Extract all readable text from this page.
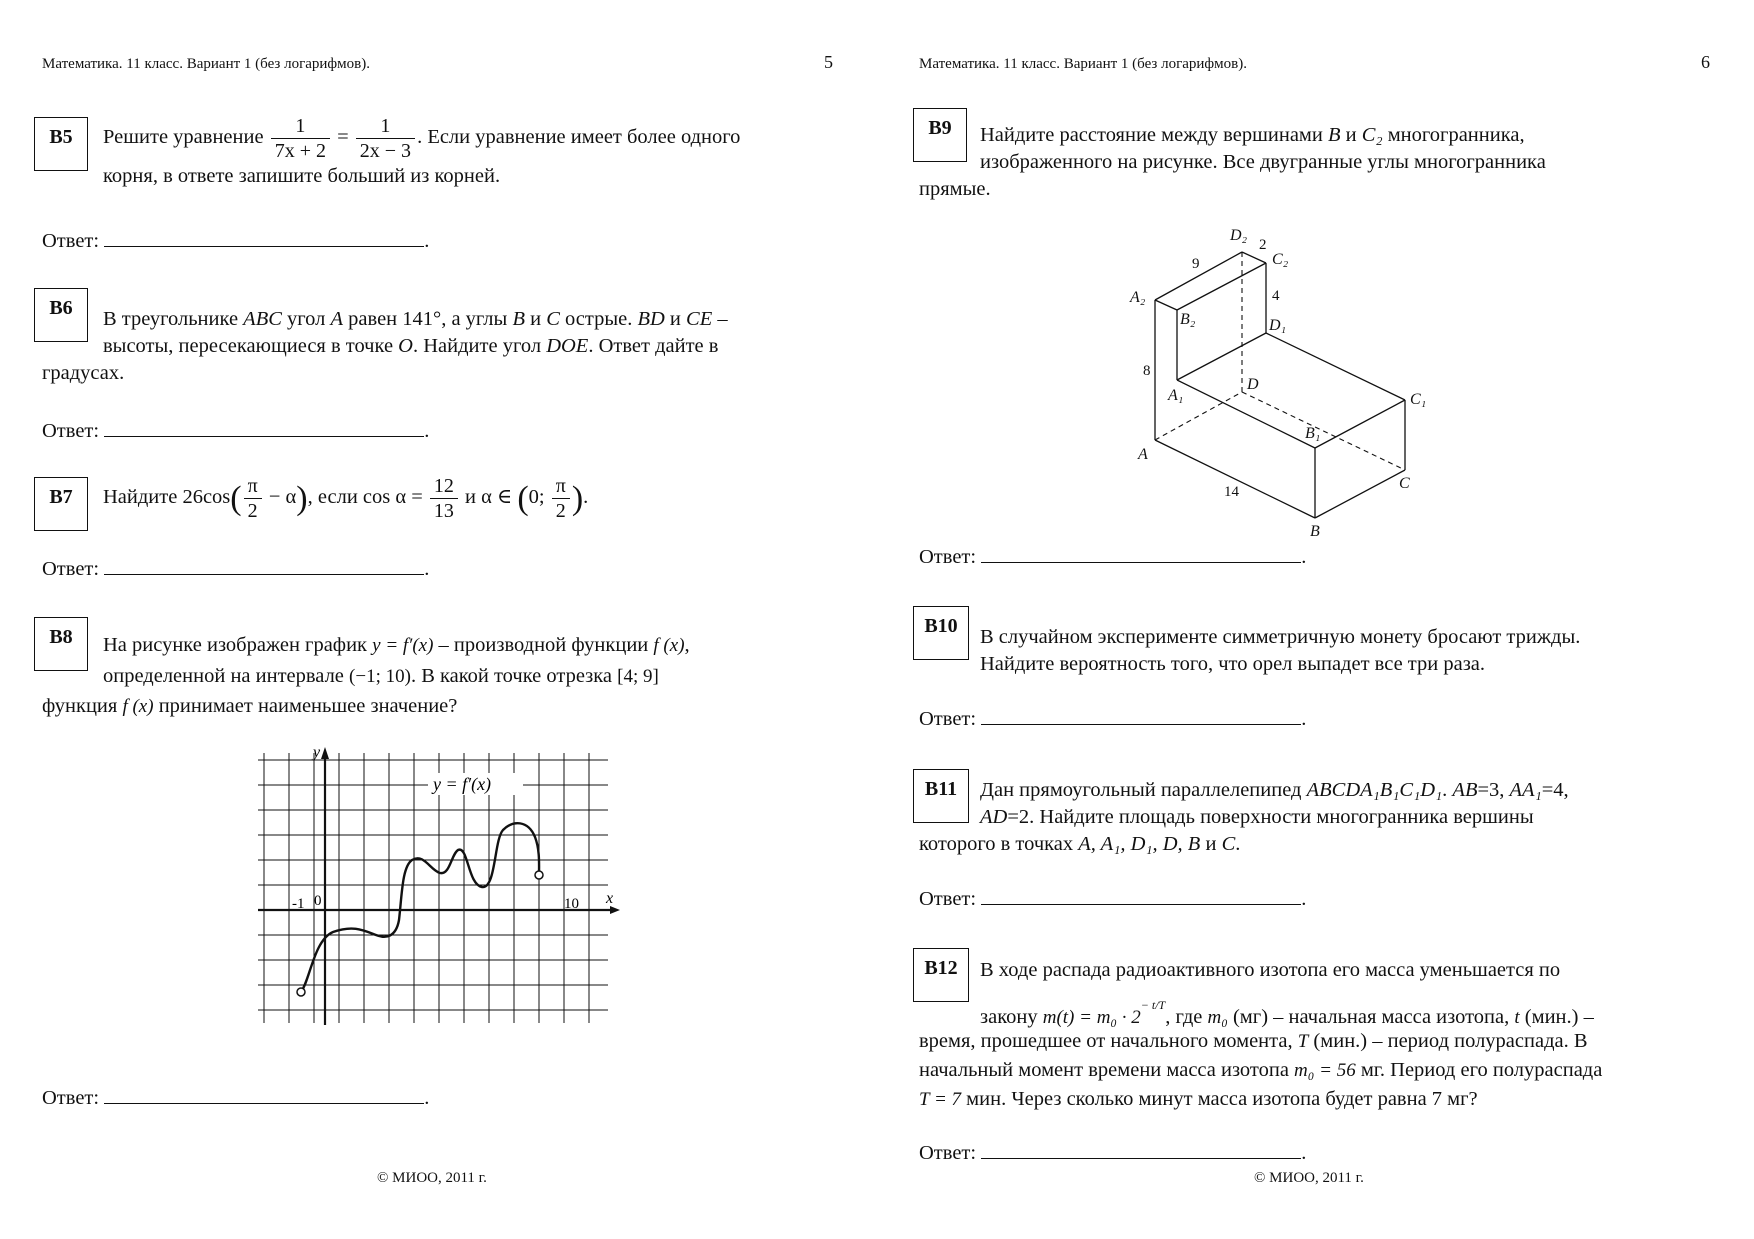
Математика. 11 класс. Вариант 1 (без логарифмов).	5
B5	Решите уравнение $\frac{1}{7x + 2} = \frac{1}{2x - 3}$ . Если уравнение имеет более одного
корня, в ответе запишите больший из корней.
Ответ:	.
B6	В треугольнике ABC угол A равен 141°, а углы B и C острые. BD и CE –
высоты, пересекающиеся в точке O. Найдите угол DOE. Ответ дайте в
градусах.
Ответ:	.
B7	Найдите $26\cos( \frac{\pi}{2} - \alpha)$, если $\cos \alpha = \frac{12}{13}$ и α ∈ (0; $\frac{\pi}{2}$ ).
Ответ:	.
B8	На рисунке изображен график y = f′(x) – производной функции f (x),
определенной на интервале (−1; 10). В какой точке отрезка [4; 9]
функция f (x) принимает наименьшее значение?
y = f′(x)
y
x
-1 0	10
Ответ:	.
© МИОО, 2011 г.
Математика. 11 класс. Вариант 1 (без логарифмов).	6
B9	Найдите расстояние между вершинами B и C₂ многогранника,
изображенного на рисунке. Все двугранные углы многогранника
прямые.
D₂
C₂
A₂
B₂	D₁
A₁
D
C₁
B₁
A
B
C
9
2
4
8
14
Ответ:	.
B10	В случайном эксперименте симметричную монету бросают трижды.
Найдите вероятность того, что орел выпадет все три раза.
Ответ:	.
B11	Дан прямоугольный параллелепипед ABCDA₁B₁C₁D₁. AB=3, AA₁=4,
AD=2. Найдите площадь поверхности многогранника вершины
которого в точках A, A₁, D₁, D, B и C.
Ответ:	.
B12	В ходе распада радиоактивного изотопа его масса уменьшается по
закону $m(t) = m_0 \cdot 2^{- t/T}$, где m₀ (мг) – начальная масса изотопа, t (мин.) –
время, прошедшее от начального момента, T (мин.) – период полураспада. В
начальный момент времени масса изотопа m₀ = 56 мг. Период его полураспада
T = 7 мин. Через сколько минут масса изотопа будет равна 7 мг?
Ответ:	.
© МИОО, 2011 г.
